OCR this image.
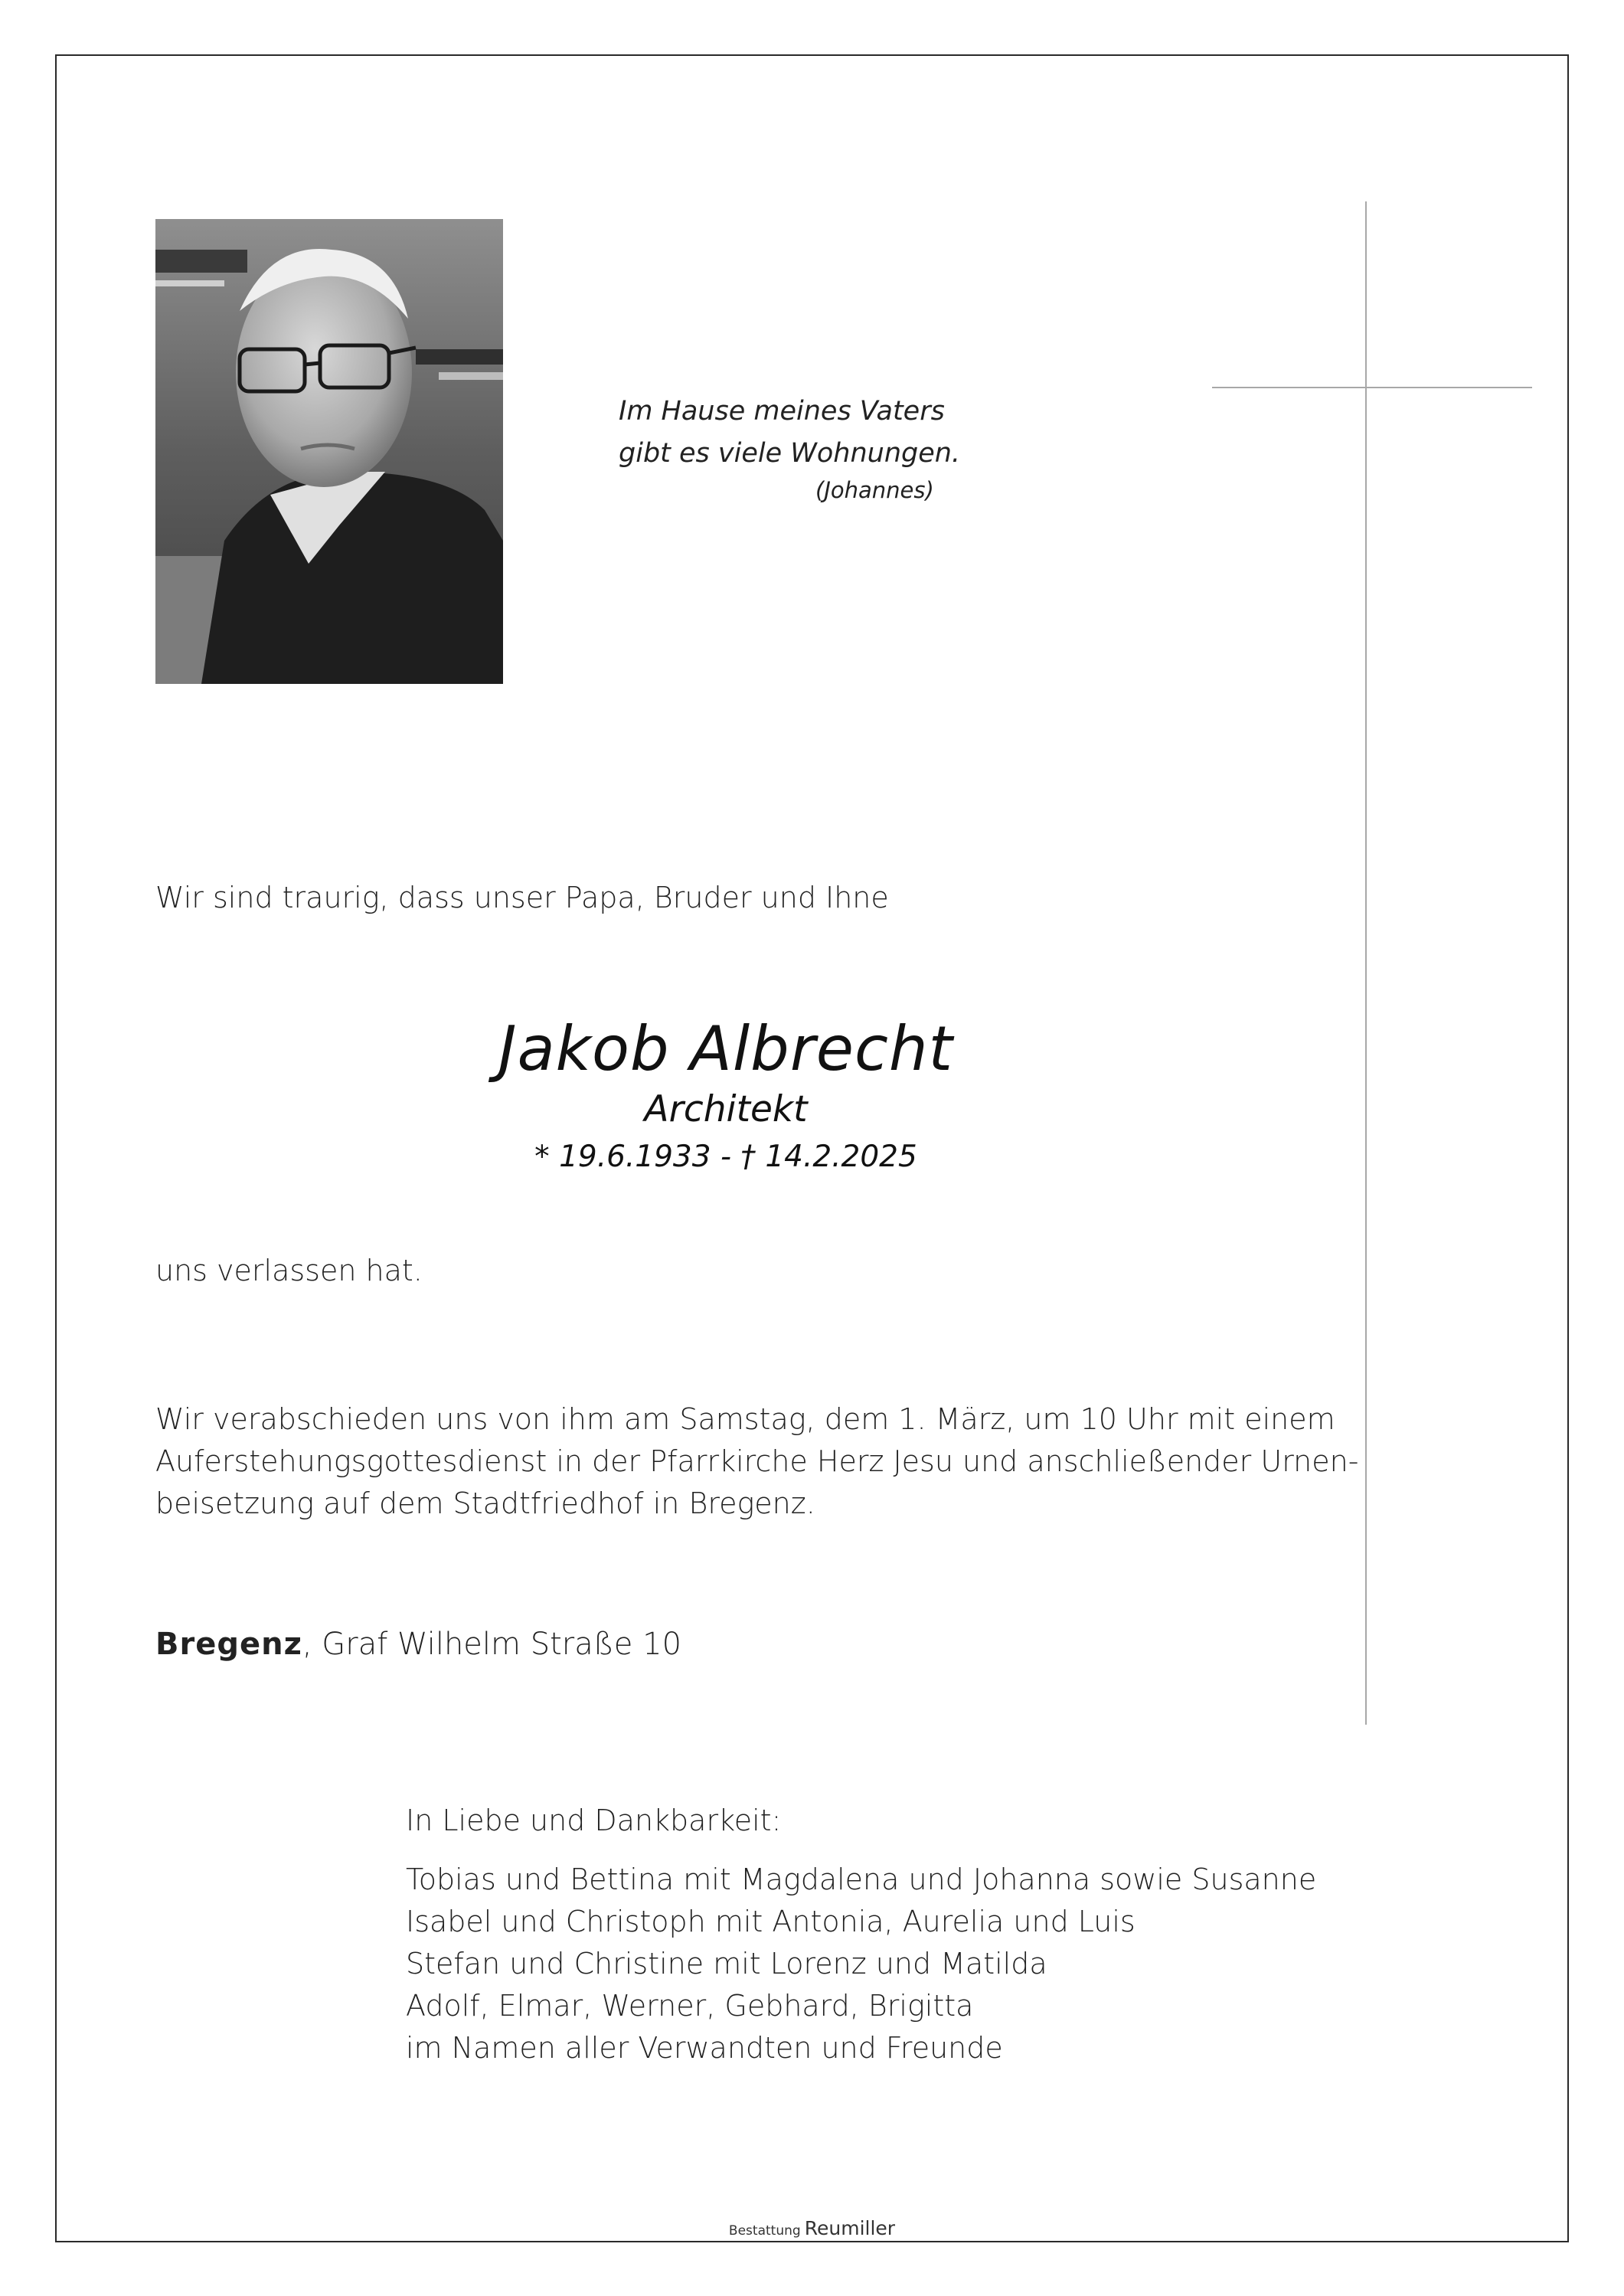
Im Hause meines Vaters
gibt es viele Wohnungen.
(Johannes)
Wir sind traurig, dass unser Papa, Bruder und Ihne
Jakob Albrecht
Architekt
* 19.6.1933 - † 14.2.2025
uns verlassen hat.
Wir verabschieden uns von ihm am Samstag, dem 1. März, um 10 Uhr mit einem
Auferstehungsgottesdienst in der Pfarrkirche Herz Jesu und anschließender Urnen-
beisetzung auf dem Stadtfriedhof in Bregenz.
Bregenz, Graf Wilhelm Straße 10
In Liebe und Dankbarkeit:
Tobias und Bettina mit Magdalena und Johanna sowie Susanne
Isabel und Christoph mit Antonia, Aurelia und Luis
Stefan und Christine mit Lorenz und Matilda
Adolf, Elmar, Werner, Gebhard, Brigitta
im Namen aller Verwandten und Freunde
Bestattung Reumiller
